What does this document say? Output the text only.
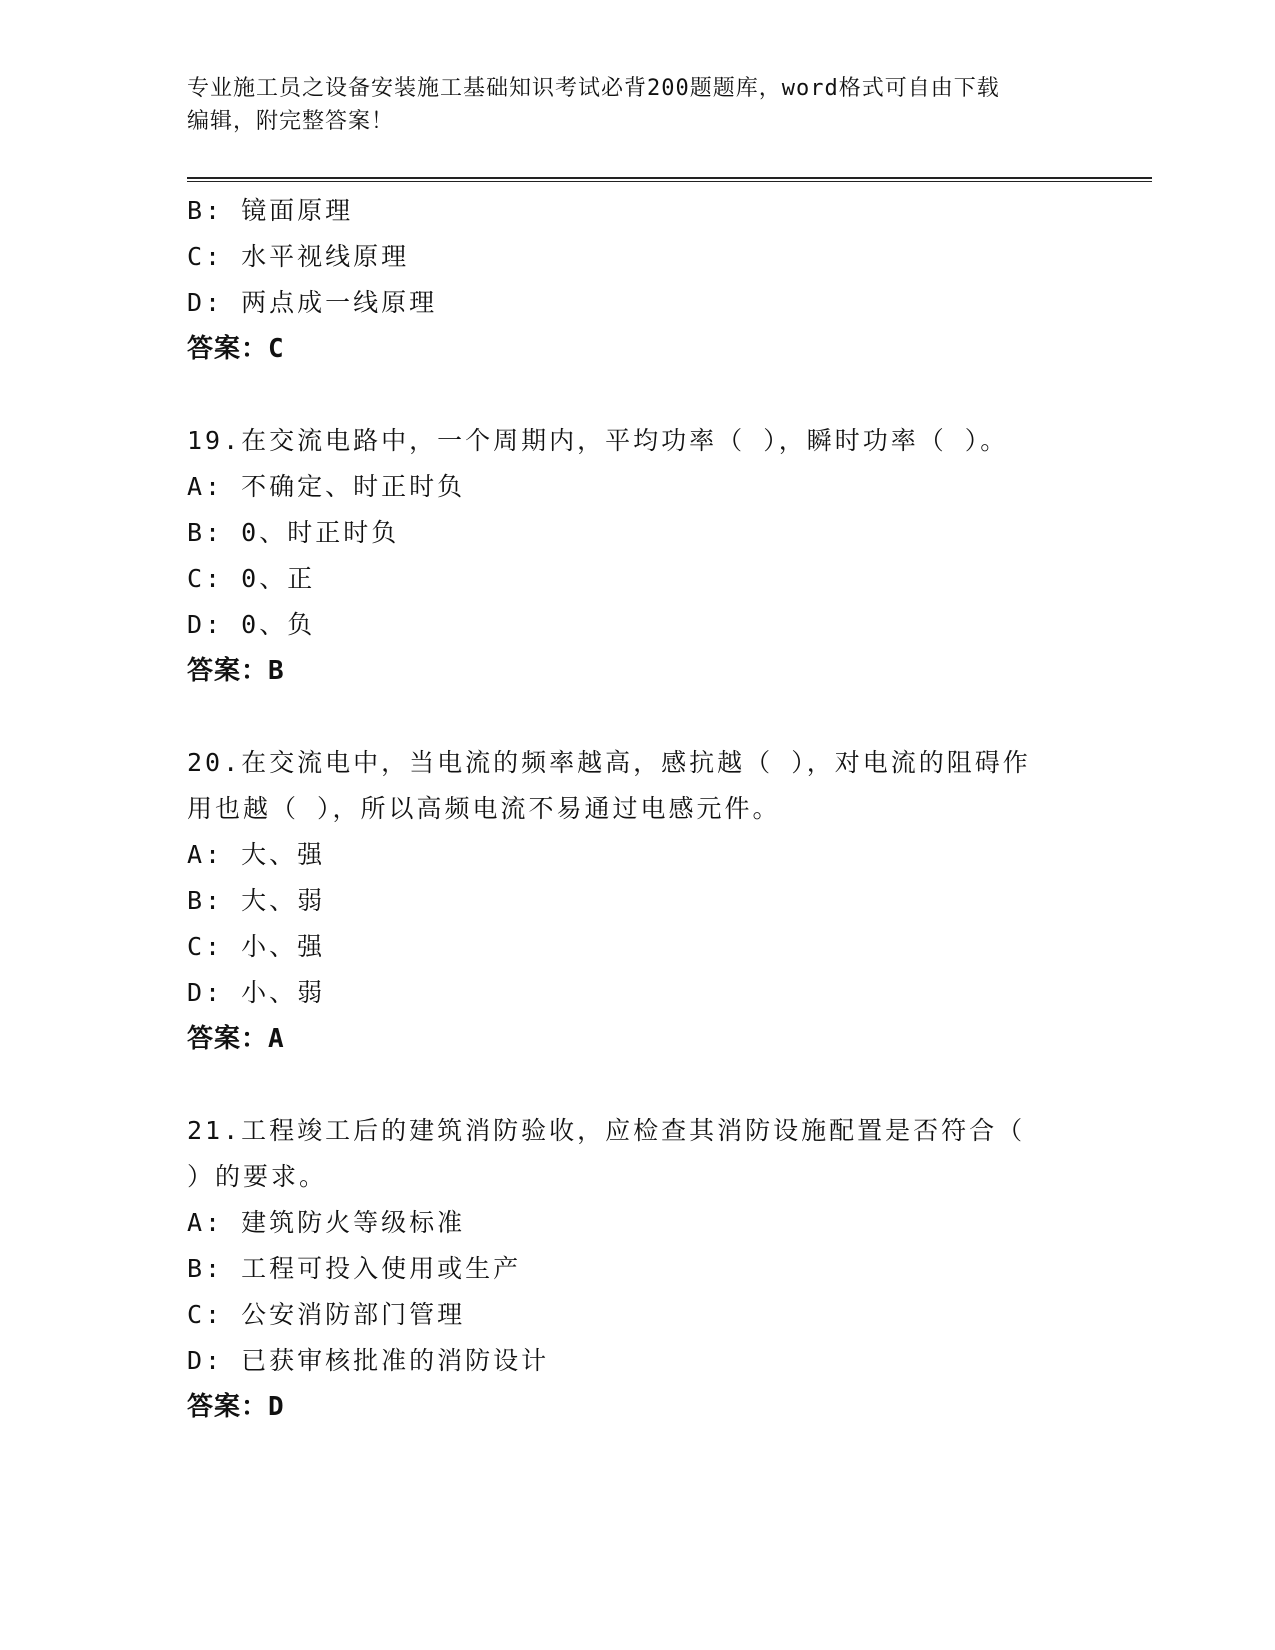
专业施工员之设备安装施工基础知识考试必背200题题库，word格式可自由下载
编辑，附完整答案！
B: 镜面原理
C: 水平视线原理
D: 两点成一线原理
答案：C
19.在交流电路中，一个周期内，平均功率（ ），瞬时功率（ ）。
A: 不确定、时正时负
B: 0、时正时负
C: 0、正
D: 0、负
答案：B
20.在交流电中，当电流的频率越高，感抗越（ ），对电流的阻碍作
用也越（ ），所以高频电流不易通过电感元件。
A: 大、强
B: 大、弱
C: 小、强
D: 小、弱
答案：A
21.工程竣工后的建筑消防验收，应检查其消防设施配置是否符合（
）的要求。
A: 建筑防火等级标准
B: 工程可投入使用或生产
C: 公安消防部门管理
D: 已获审核批准的消防设计
答案：D
